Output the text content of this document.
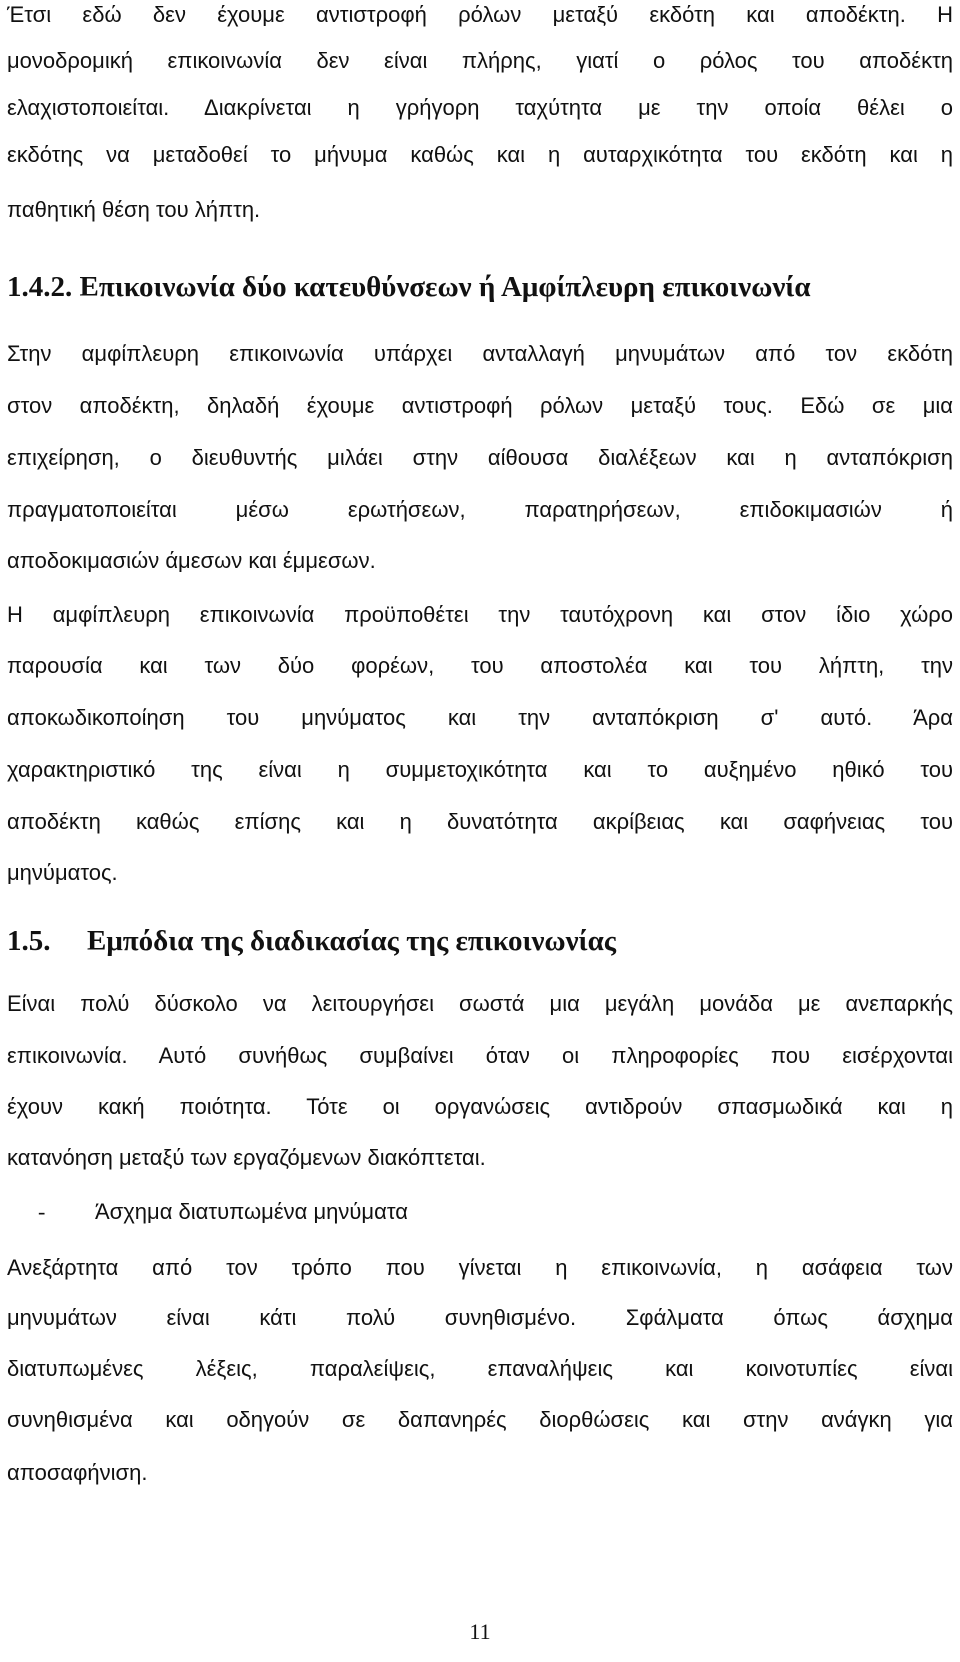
Έτσι εδώ δεν έχουμε αντιστροφή ρόλων μεταξύ εκδότη και αποδέκτη. Η
μονοδρομική επικοινωνία δεν είναι πλήρης, γιατί ο ρόλος του αποδέκτη
ελαχιστοποιείται. Διακρίνεται η γρήγορη ταχύτητα με την οποία θέλει ο
εκδότης να μεταδοθεί το μήνυμα καθώς και η αυταρχικότητα του εκδότη και η
παθητική θέση του λήπτη.
1.4.2. Επικοινωνία δύο κατευθύνσεων ή Αμφίπλευρη επικοινωνία
Στην αμφίπλευρη επικοινωνία υπάρχει ανταλλαγή μηνυμάτων από τον εκδότη
στον αποδέκτη, δηλαδή έχουμε αντιστροφή ρόλων μεταξύ τους. Εδώ σε μια
επιχείρηση, ο διευθυντής μιλάει στην αίθουσα διαλέξεων και η ανταπόκριση
πραγματοποιείται μέσω ερωτήσεων, παρατηρήσεων, επιδοκιμασιών ή
αποδοκιμασιών άμεσων και έμμεσων.
Η αμφίπλευρη επικοινωνία προϋποθέτει την ταυτόχρονη και στον ίδιο χώρο
παρουσία και των δύο φορέων, του αποστολέα και του λήπτη, την
αποκωδικοποίηση του μηνύματος και την ανταπόκριση σ' αυτό. Άρα
χαρακτηριστικό της είναι η συμμετοχικότητα και το αυξημένο ηθικό του
αποδέκτη καθώς επίσης και η δυνατότητα ακρίβειας και σαφήνειας του
μηνύματος.
1.5. Εμπόδια της διαδικασίας της επικοινωνίας
Είναι πολύ δύσκολο να λειτουργήσει σωστά μια μεγάλη μονάδα με ανεπαρκής
επικοινωνία. Αυτό συνήθως συμβαίνει όταν οι πληροφορίες που εισέρχονται
έχουν κακή ποιότητα. Τότε οι οργανώσεις αντιδρούν σπασμωδικά και η
κατανόηση μεταξύ των εργαζόμενων διακόπτεται.
- Άσχημα διατυπωμένα μηνύματα
Ανεξάρτητα από τον τρόπο που γίνεται η επικοινωνία, η ασάφεια των
μηνυμάτων είναι κάτι πολύ συνηθισμένο. Σφάλματα όπως άσχημα
διατυπωμένες λέξεις, παραλείψεις, επαναλήψεις και κοινοτυπίες είναι
συνηθισμένα και οδηγούν σε δαπανηρές διορθώσεις και στην ανάγκη για
αποσαφήνιση.
11
